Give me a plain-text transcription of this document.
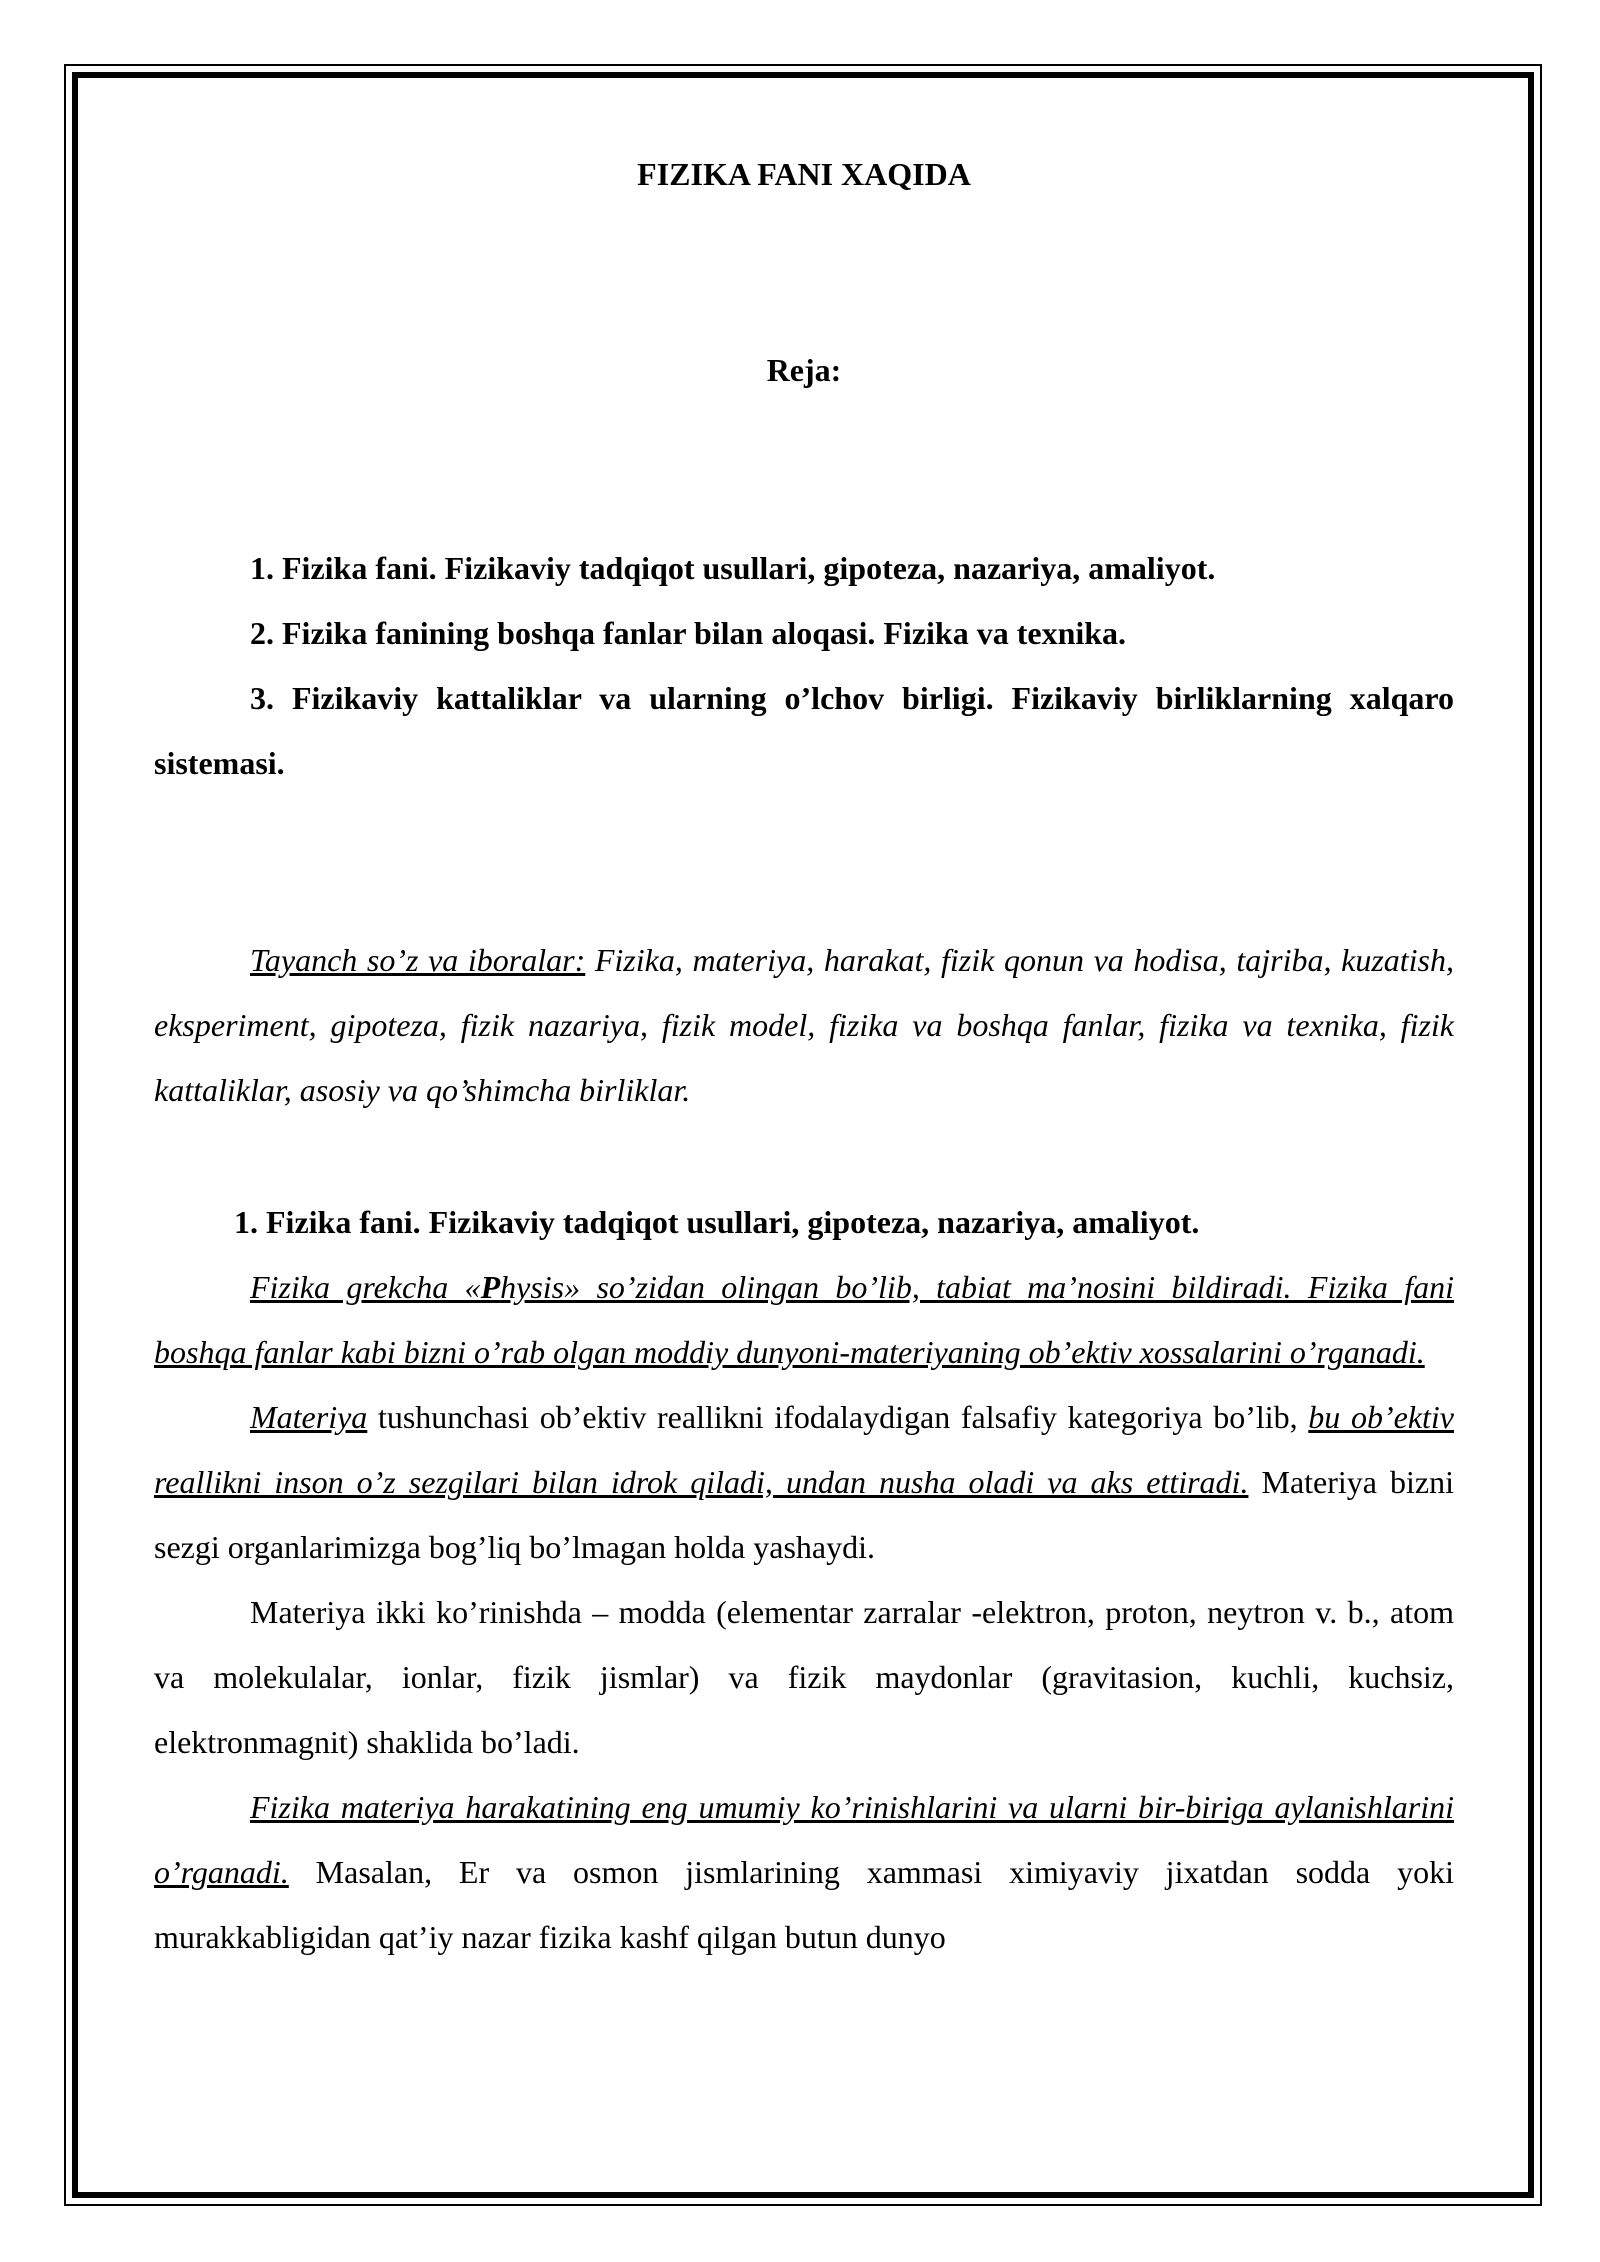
FIZIKA FANI XAQIDA

Reja:

1. Fizika fani. Fizikaviy tadqiqot usullari, gipoteza, nazariya, amaliyot.

2. Fizika fanining boshqa fanlar bilan aloqasi. Fizika va texnika.

3. Fizikaviy kattaliklar va ularning o’lchov birligi. Fizikaviy birliklarning xalqaro sistemasi.

Tayanch so’z va iboralar: Fizika, materiya, harakat, fizik qonun va hodisa, tajriba, kuzatish, eksperiment, gipoteza, fizik nazariya, fizik model, fizika va boshqa fanlar, fizika va texnika, fizik kattaliklar, asosiy va qo’shimcha birliklar.

1. Fizika fani. Fizikaviy tadqiqot usullari, gipoteza, nazariya, amaliyot.

Fizika grekcha «Physis» so’zidan olingan bo’lib, tabiat ma’nosini bildiradi. Fizika fani boshqa fanlar kabi bizni o’rab olgan moddiy dunyoni-materiyaning ob’ektiv xossalarini o’rganadi.

Materiya tushunchasi ob’ektiv reallikni ifodalaydigan falsafiy kategoriya bo’lib, bu ob’ektiv reallikni inson o’z sezgilari bilan idrok qiladi, undan nusha oladi va aks ettiradi. Materiya bizni sezgi organlarimizga bog’liq bo’lmagan holda yashaydi.

Materiya ikki ko’rinishda – modda (elementar zarralar -elektron, proton, neytron v. b., atom va molekulalar, ionlar, fizik jismlar) va fizik maydonlar (gravitasion, kuchli, kuchsiz, elektronmagnit) shaklida bo’ladi.

Fizika materiya harakatining eng umumiy ko’rinishlarini va ularni bir-biriga aylanishlarini o’rganadi. Masalan, Er va osmon jismlarining xammasi ximiyaviy jixatdan sodda yoki murakkabligidan qat’iy nazar fizika kashf qilgan butun dunyo
